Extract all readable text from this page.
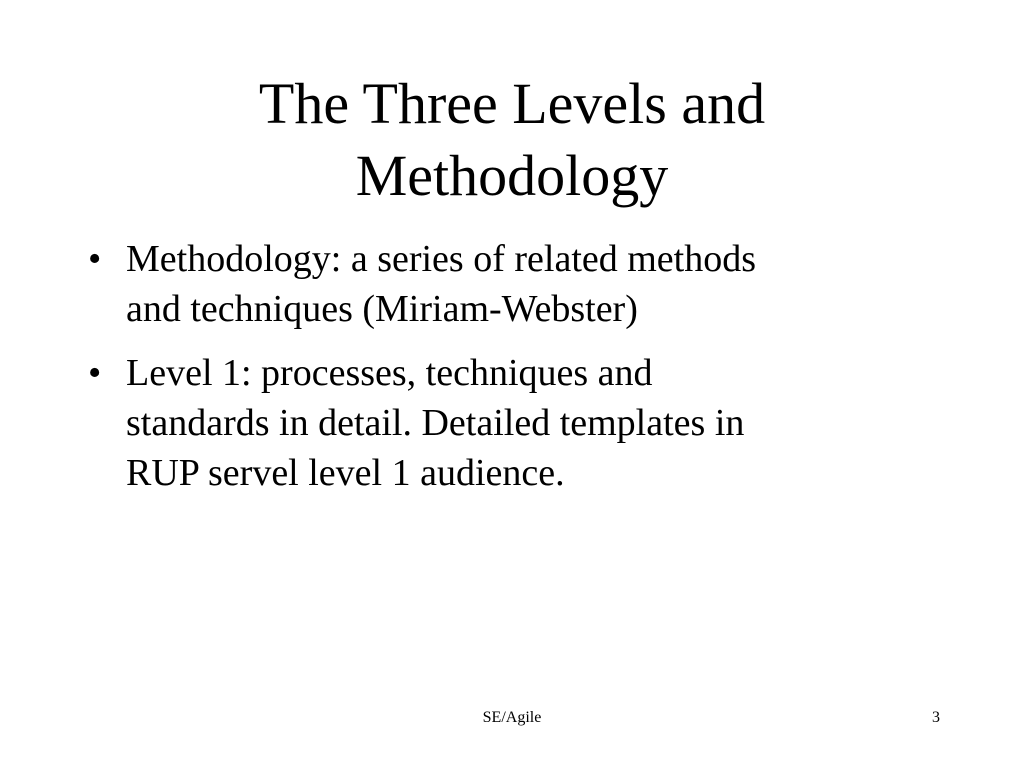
The Three Levels and
Methodology
• Methodology: a series of related methods
and techniques (Miriam-Webster)
• Level 1: processes, techniques and
standards in detail. Detailed templates in
RUP servel level 1 audience.
SE/Agile	3
